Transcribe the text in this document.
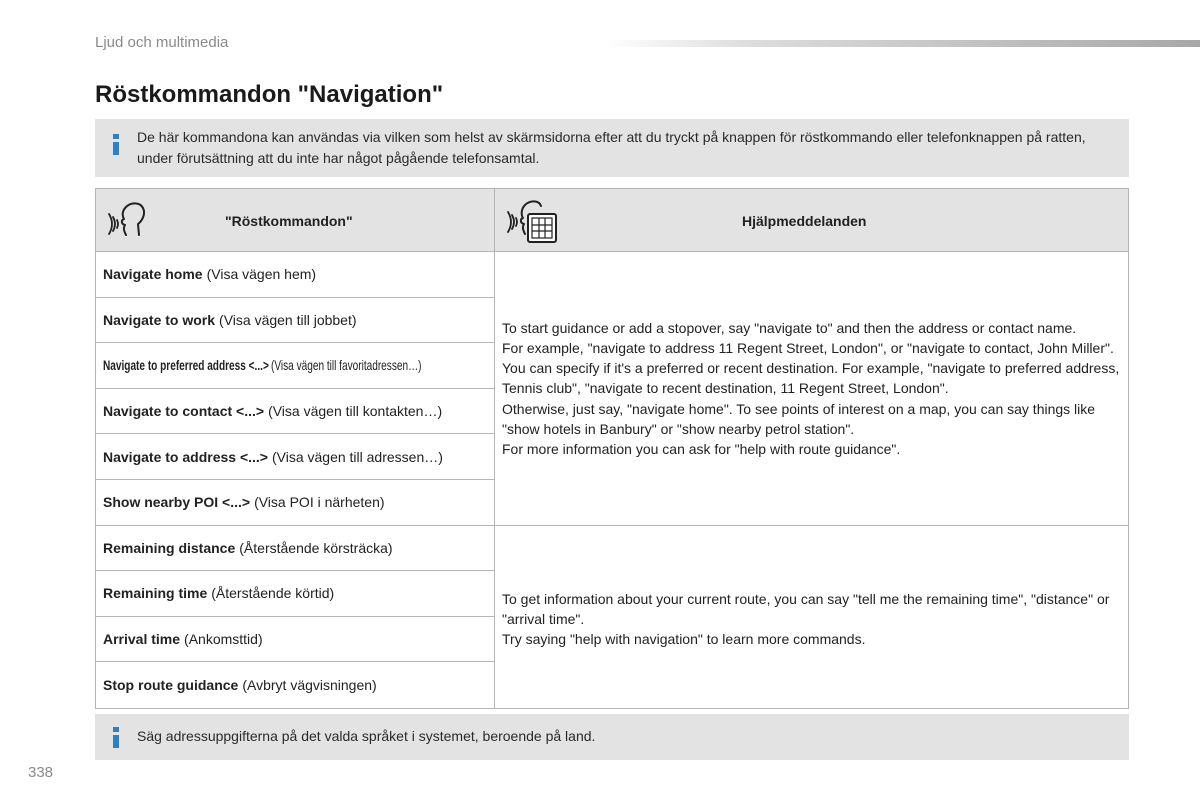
Ljud och multimedia
Röstkommandon "Navigation"
De här kommandona kan användas via vilken som helst av skärmsidorna efter att du tryckt på knappen för röstkommando eller telefonknappen på ratten, under förutsättning att du inte har något pågående telefonsamtal.
"Röstkommandon"	Hjälpmeddelanden
Navigate home (Visa vägen hem)
Navigate to work (Visa vägen till jobbet)
Navigate to preferred address <...> (Visa vägen till favoritadressen…)
Navigate to contact <...> (Visa vägen till kontakten…)
Navigate to address <...> (Visa vägen till adressen…)
Show nearby POI <...> (Visa POI i närheten)
Remaining distance (Återstående körsträcka)
Remaining time (Återstående körtid)
Arrival time (Ankomsttid)
Stop route guidance (Avbryt vägvisningen)

To start guidance or add a stopover, say "navigate to" and then the address or contact name.

For example, "navigate to address 11 Regent Street, London", or "navigate to contact, John Miller".

You can specify if it's a preferred or recent destination. For example, "navigate to preferred address, Tennis club", "navigate to recent destination, 11 Regent Street, London".

Otherwise, just say, "navigate home". To see points of interest on a map, you can say things like "show hotels in Banbury" or "show nearby petrol station".

For more information you can ask for "help with route guidance".

To get information about your current route, you can say "tell me the remaining time", "distance" or "arrival time".

Try saying "help with navigation" to learn more commands.

Säg adressuppgifterna på det valda språket i systemet, beroende på land.
338
